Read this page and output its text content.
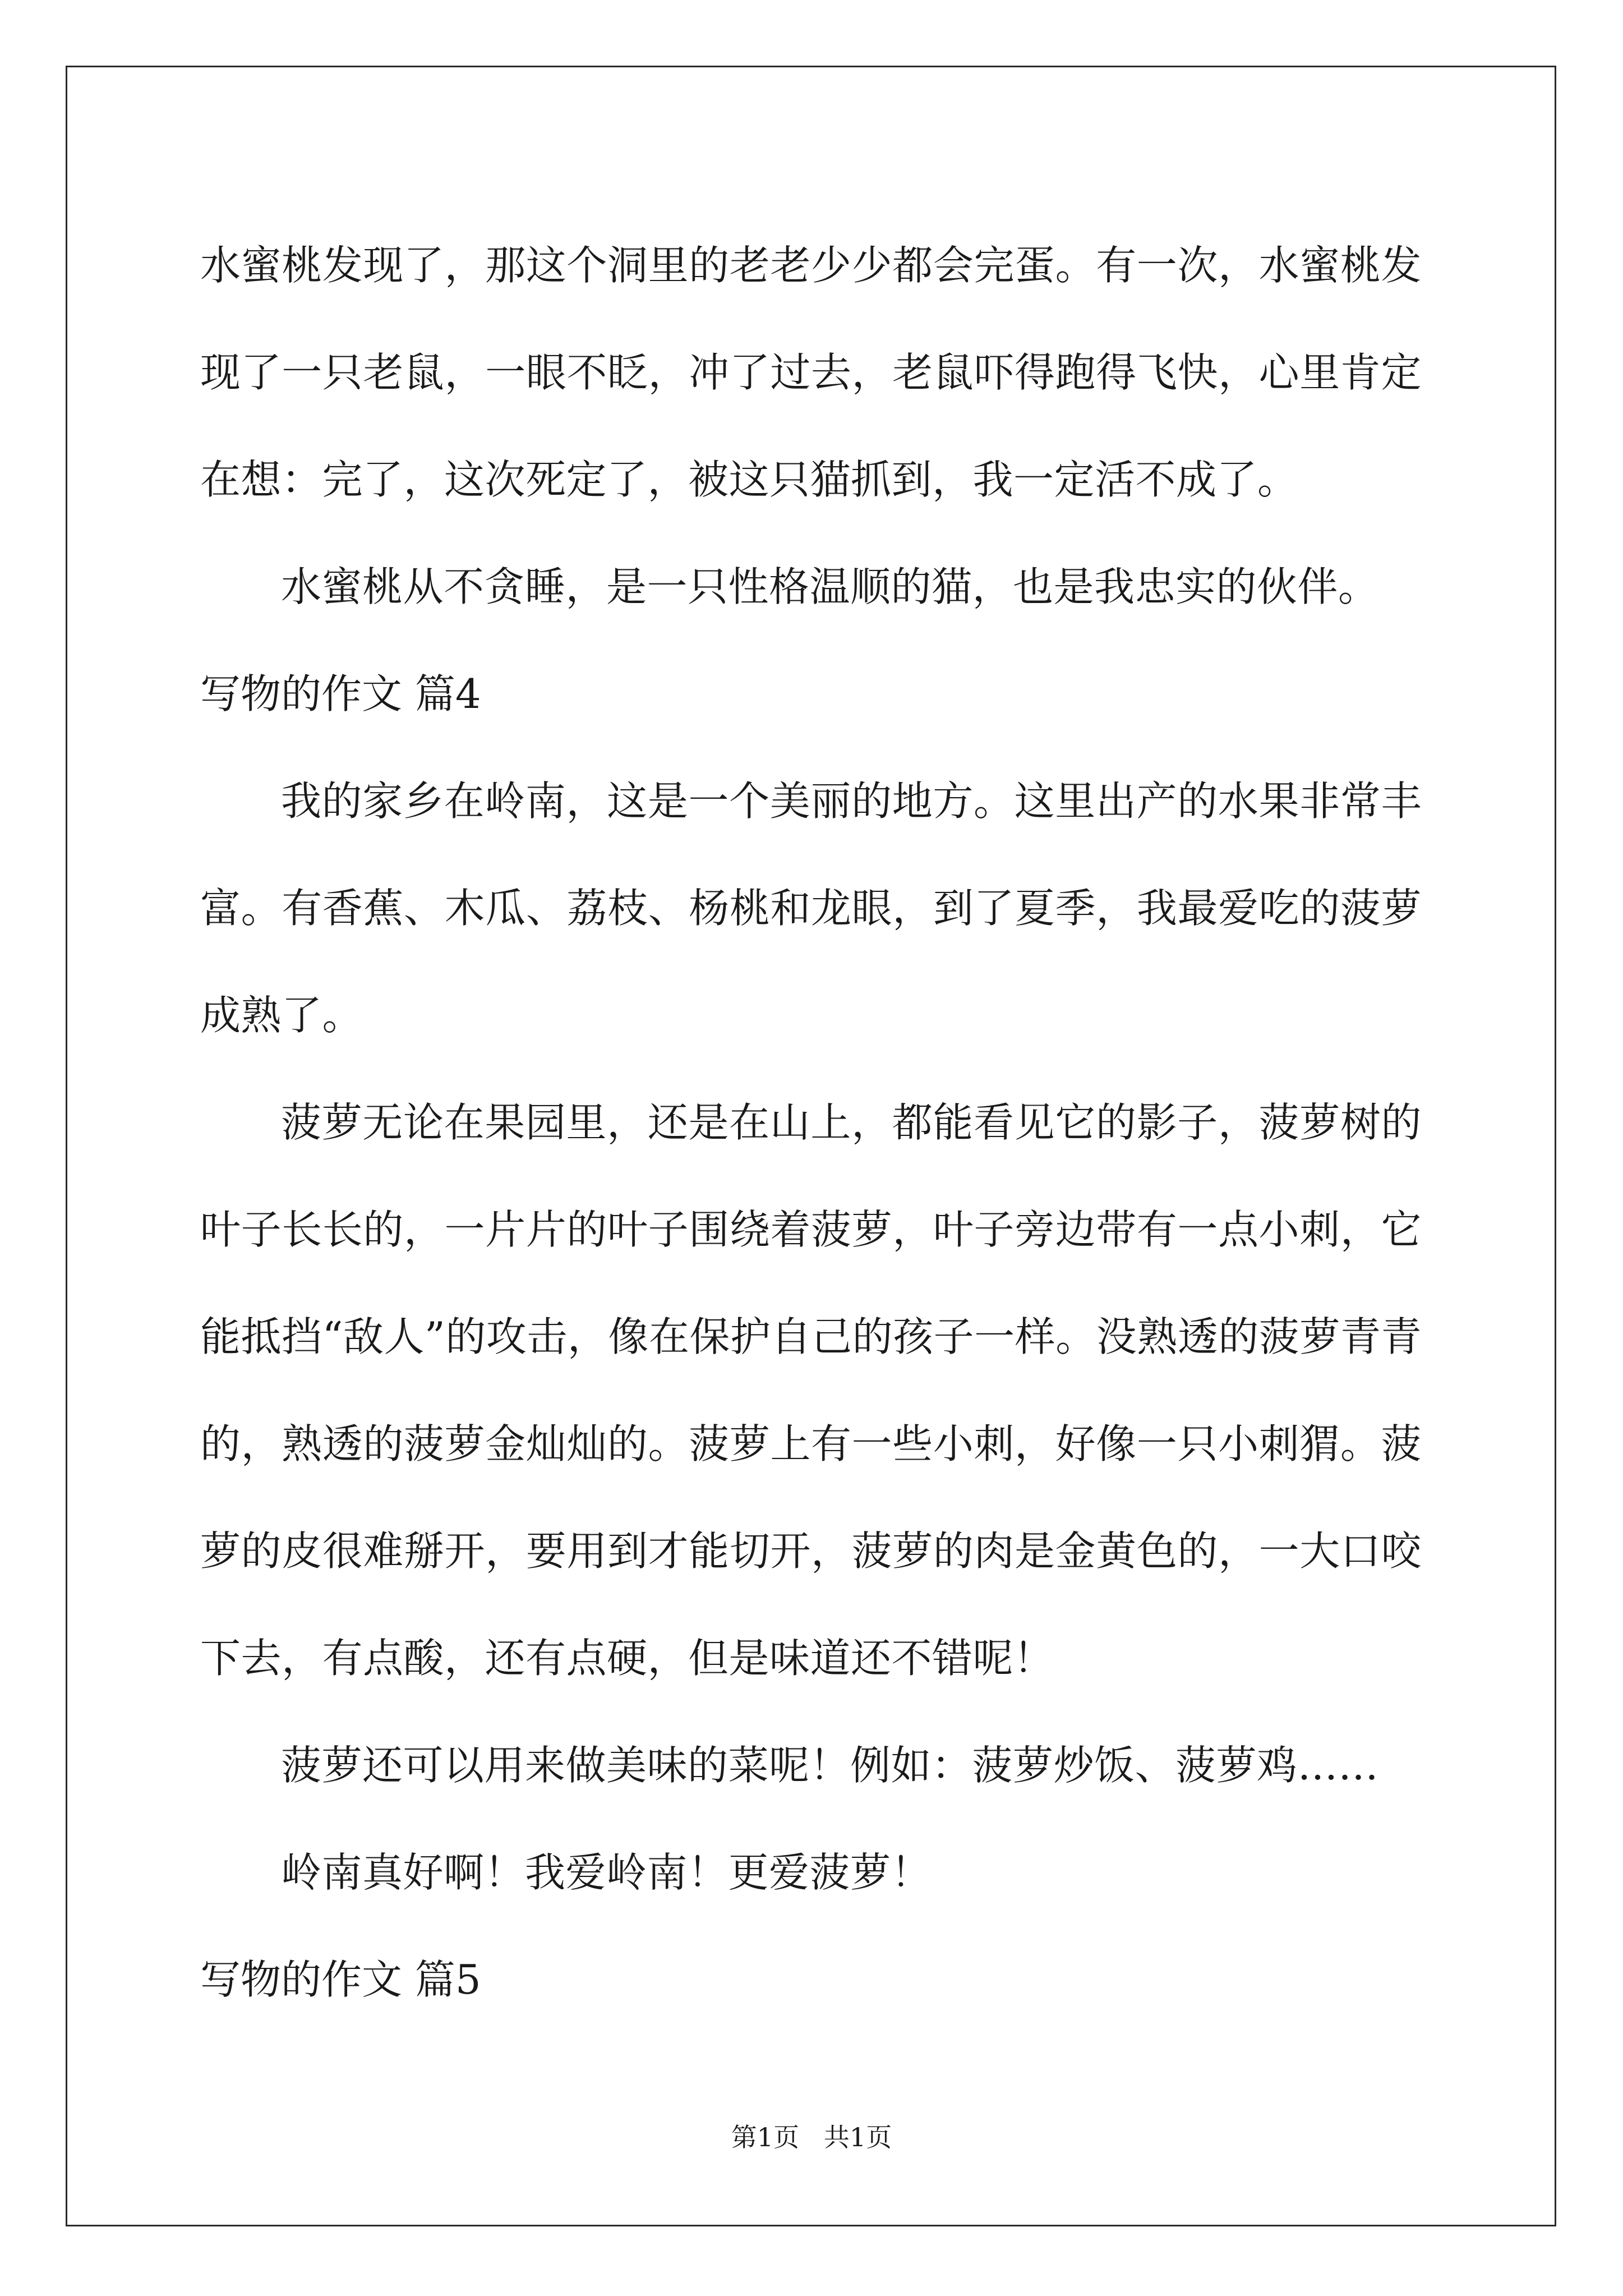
水蜜桃发现了，那这个洞里的老老少少都会完蛋。有一次，水蜜桃发现了一只老鼠，一眼不眨，冲了过去，老鼠吓得跑得飞快，心里肯定在想：完了，这次死定了，被这只猫抓到，我一定活不成了。

水蜜桃从不贪睡，是一只性格温顺的猫，也是我忠实的伙伴。

写物的作文 篇4

我的家乡在岭南，这是一个美丽的地方。这里出产的水果非常丰富。有香蕉、木瓜、荔枝、杨桃和龙眼，到了夏季，我最爱吃的菠萝成熟了。

菠萝无论在果园里，还是在山上，都能看见它的影子，菠萝树的叶子长长的，一片片的叶子围绕着菠萝，叶子旁边带有一点小刺，它能抵挡“敌人”的攻击，像在保护自己的孩子一样。没熟透的菠萝青青的，熟透的菠萝金灿灿的。菠萝上有一些小刺，好像一只小刺猬。菠萝的皮很难掰开，要用到才能切开，菠萝的肉是金黄色的，一大口咬下去，有点酸，还有点硬，但是味道还不错呢！

菠萝还可以用来做美味的菜呢！例如：菠萝炒饭、菠萝鸡……

岭南真好啊！我爱岭南！更爱菠萝！

写物的作文 篇5

第1页   共1页
